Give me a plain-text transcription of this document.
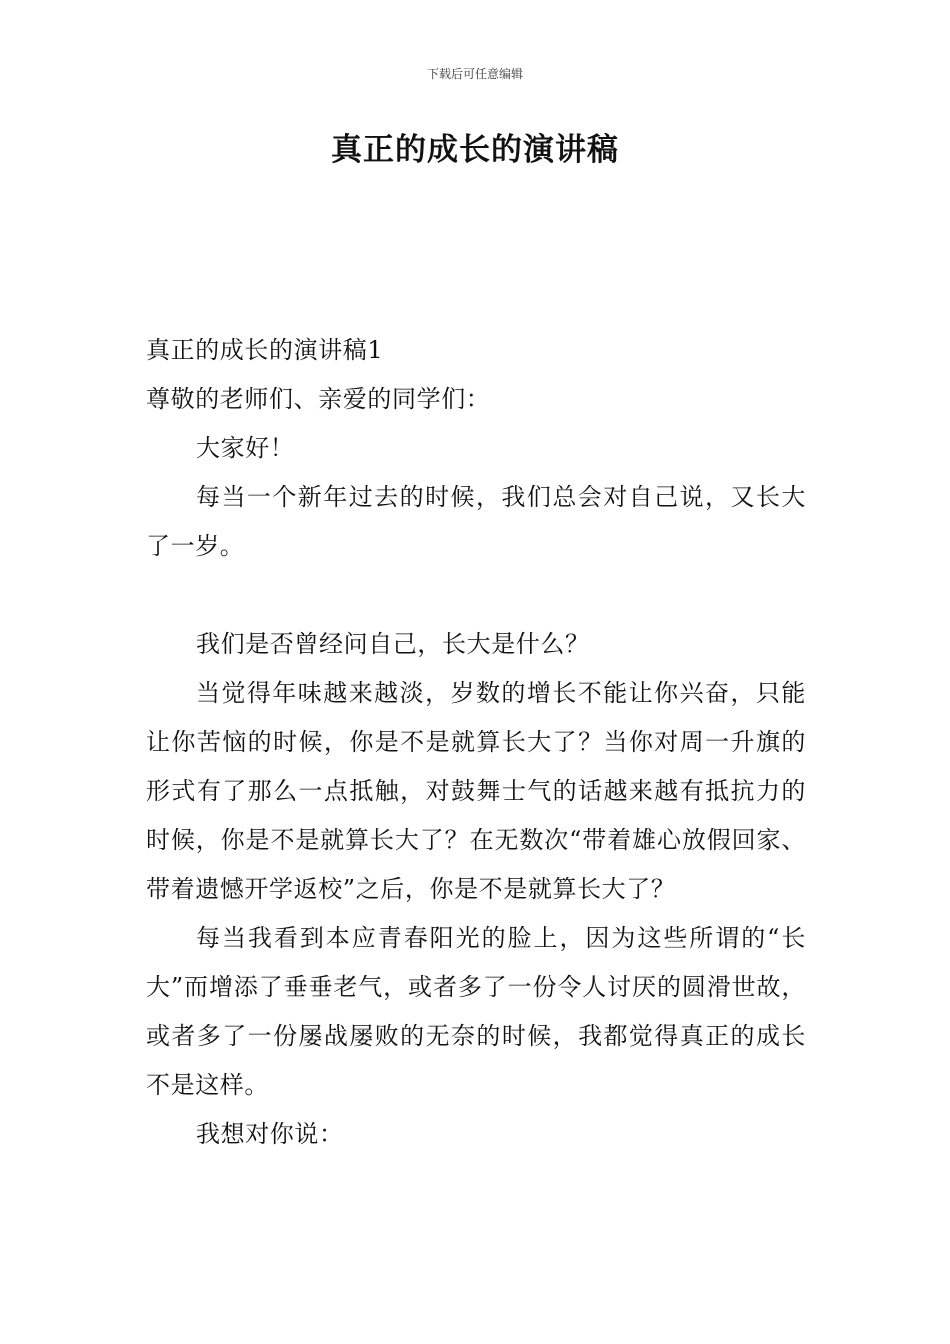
下载后可任意编辑
真正的成长的演讲稿

真正的成长的演讲稿1

尊敬的老师们、亲爱的同学们：

大家好！

每当一个新年过去的时候，我们总会对自己说，又长大了一岁。

我们是否曾经问自己，长大是什么？

当觉得年味越来越淡，岁数的增长不能让你兴奋，只能让你苦恼的时候，你是不是就算长大了？当你对周一升旗的形式有了那么一点抵触，对鼓舞士气的话越来越有抵抗力的时候，你是不是就算长大了？在无数次“带着雄心放假回家、带着遗憾开学返校”之后，你是不是就算长大了？

每当我看到本应青春阳光的脸上，因为这些所谓的“长大”而增添了垂垂老气，或者多了一份令人讨厌的圆滑世故，或者多了一份屡战屡败的无奈的时候，我都觉得真正的成长不是这样。

我想对你说：
